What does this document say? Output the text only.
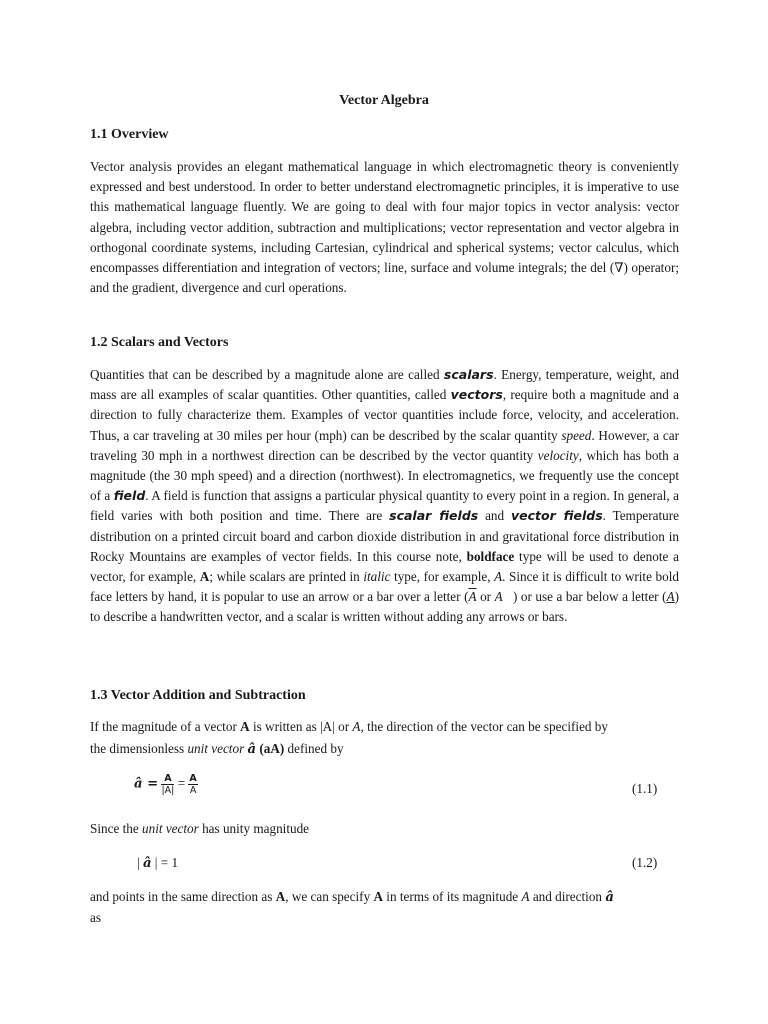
Vector Algebra
1.1 Overview
Vector analysis provides an elegant mathematical language in which electromagnetic theory is conveniently expressed and best understood. In order to better understand electromagnetic principles, it is imperative to use this mathematical language fluently. We are going to deal with four major topics in vector analysis: vector algebra, including vector addition, subtraction and multiplications; vector representation and vector algebra in orthogonal coordinate systems, including Cartesian, cylindrical and spherical systems; vector calculus, which encompasses differentiation and integration of vectors; line, surface and volume integrals; the del (∇) operator; and the gradient, divergence and curl operations.
1.2 Scalars and Vectors
Quantities that can be described by a magnitude alone are called scalars. Energy, temperature, weight, and mass are all examples of scalar quantities. Other quantities, called vectors, require both a magnitude and a direction to fully characterize them. Examples of vector quantities include force, velocity, and acceleration. Thus, a car traveling at 30 miles per hour (mph) can be described by the scalar quantity speed. However, a car traveling 30 mph in a northwest direction can be described by the vector quantity velocity, which has both a magnitude (the 30 mph speed) and a direction (northwest). In electromagnetics, we frequently use the concept of a field. A field is function that assigns a particular physical quantity to every point in a region. In general, a field varies with both position and time. There are scalar fields and vector fields. Temperature distribution on a printed circuit board and carbon dioxide distribution in and gravitational force distribution in Rocky Mountains are examples of vector fields. In this course note, boldface type will be used to denote a vector, for example, A; while scalars are printed in italic type, for example, A. Since it is difficult to write bold face letters by hand, it is popular to use an arrow or a bar over a letter ($\overline{A}$ or A⃗) or use a bar below a letter (A) to describe a handwritten vector, and a scalar is written without adding any arrows or bars.
1.3 Vector Addition and Subtraction
If the magnitude of a vector A is written as |A| or A, the direction of the vector can be specified by
the dimensionless unit vector â (aA) defined by
â = $\frac{A}{|A|} = \frac{A}{A}$	(1.1)
Since the unit vector has unity magnitude
| â | = 1	(1.2)
and points in the same direction as A, we can specify A in terms of its magnitude A and direction â
as
